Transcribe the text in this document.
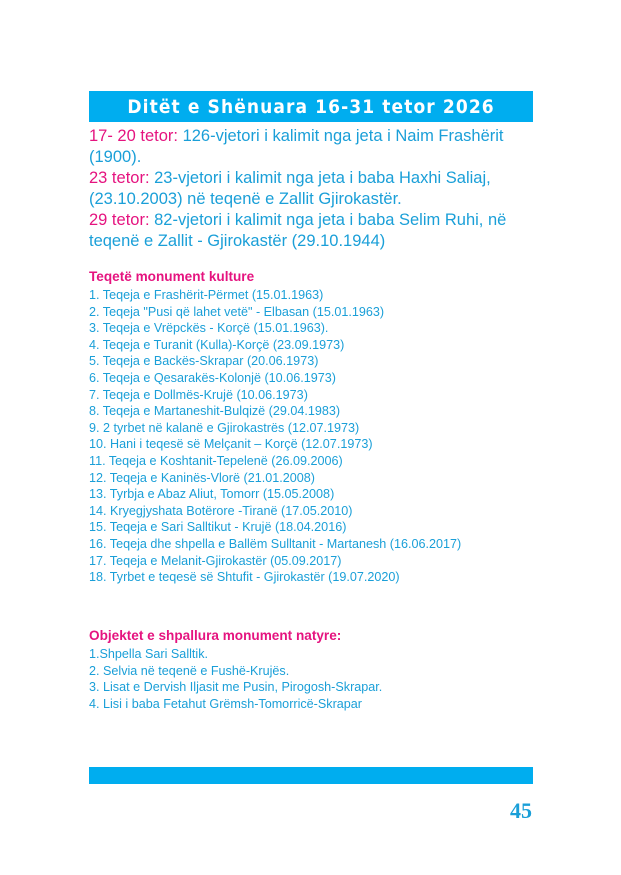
Ditët e Shënuara 16-31 tetor 2026

17- 20 tetor: 126-vjetori i kalimit nga jeta i Naim Frashërit (1900).

23 tetor: 23-vjetori i kalimit nga jeta i baba Haxhi Saliaj, (23.10.2003) në teqenë e Zallit Gjirokastër.

29 tetor: 82-vjetori i kalimit nga jeta i baba Selim Ruhi, në teqenë e Zallit - Gjirokastër (29.10.1944)

Teqetë monument kulture
1. Teqeja e Frashërit-Përmet (15.01.1963)
2. Teqeja "Pusi që lahet vetë" - Elbasan (15.01.1963)
3. Teqeja e Vrëpckës - Korçë (15.01.1963).
4. Teqeja e Turanit (Kulla)-Korçë (23.09.1973)
5. Teqeja e Backës-Skrapar (20.06.1973)
6. Teqeja e Qesarakës-Kolonjë (10.06.1973)
7. Teqeja e Dollmës-Krujë (10.06.1973)
8. Teqeja e Martaneshit-Bulqizë (29.04.1983)
9. 2 tyrbet në kalanë e Gjirokastrës (12.07.1973)
10. Hani i teqesë së Melçanit – Korçë (12.07.1973)
11. Teqeja e Koshtanit-Tepelenë (26.09.2006)
12. Teqeja e Kaninës-Vlorë (21.01.2008)
13. Tyrbja e Abaz Aliut, Tomorr (15.05.2008)
14. Kryegjyshata Botërore -Tiranë (17.05.2010)
15. Teqeja e Sari Salltikut - Krujë (18.04.2016)
16. Teqeja dhe shpella e Ballëm Sulltanit - Martanesh (16.06.2017)
17. Teqeja e Melanit-Gjirokastër (05.09.2017)
18. Tyrbet e teqesë së Shtufit - Gjirokastër (19.07.2020)
Objektet e shpallura monument natyre:
1.Shpella Sari Salltik.
2. Selvia në teqenë e Fushë-Krujës.
3. Lisat e Dervish Iljasit me Pusin, Pirogosh-Skrapar.
4. Lisi i baba Fetahut Grëmsh-Tomorricë-Skrapar
45
